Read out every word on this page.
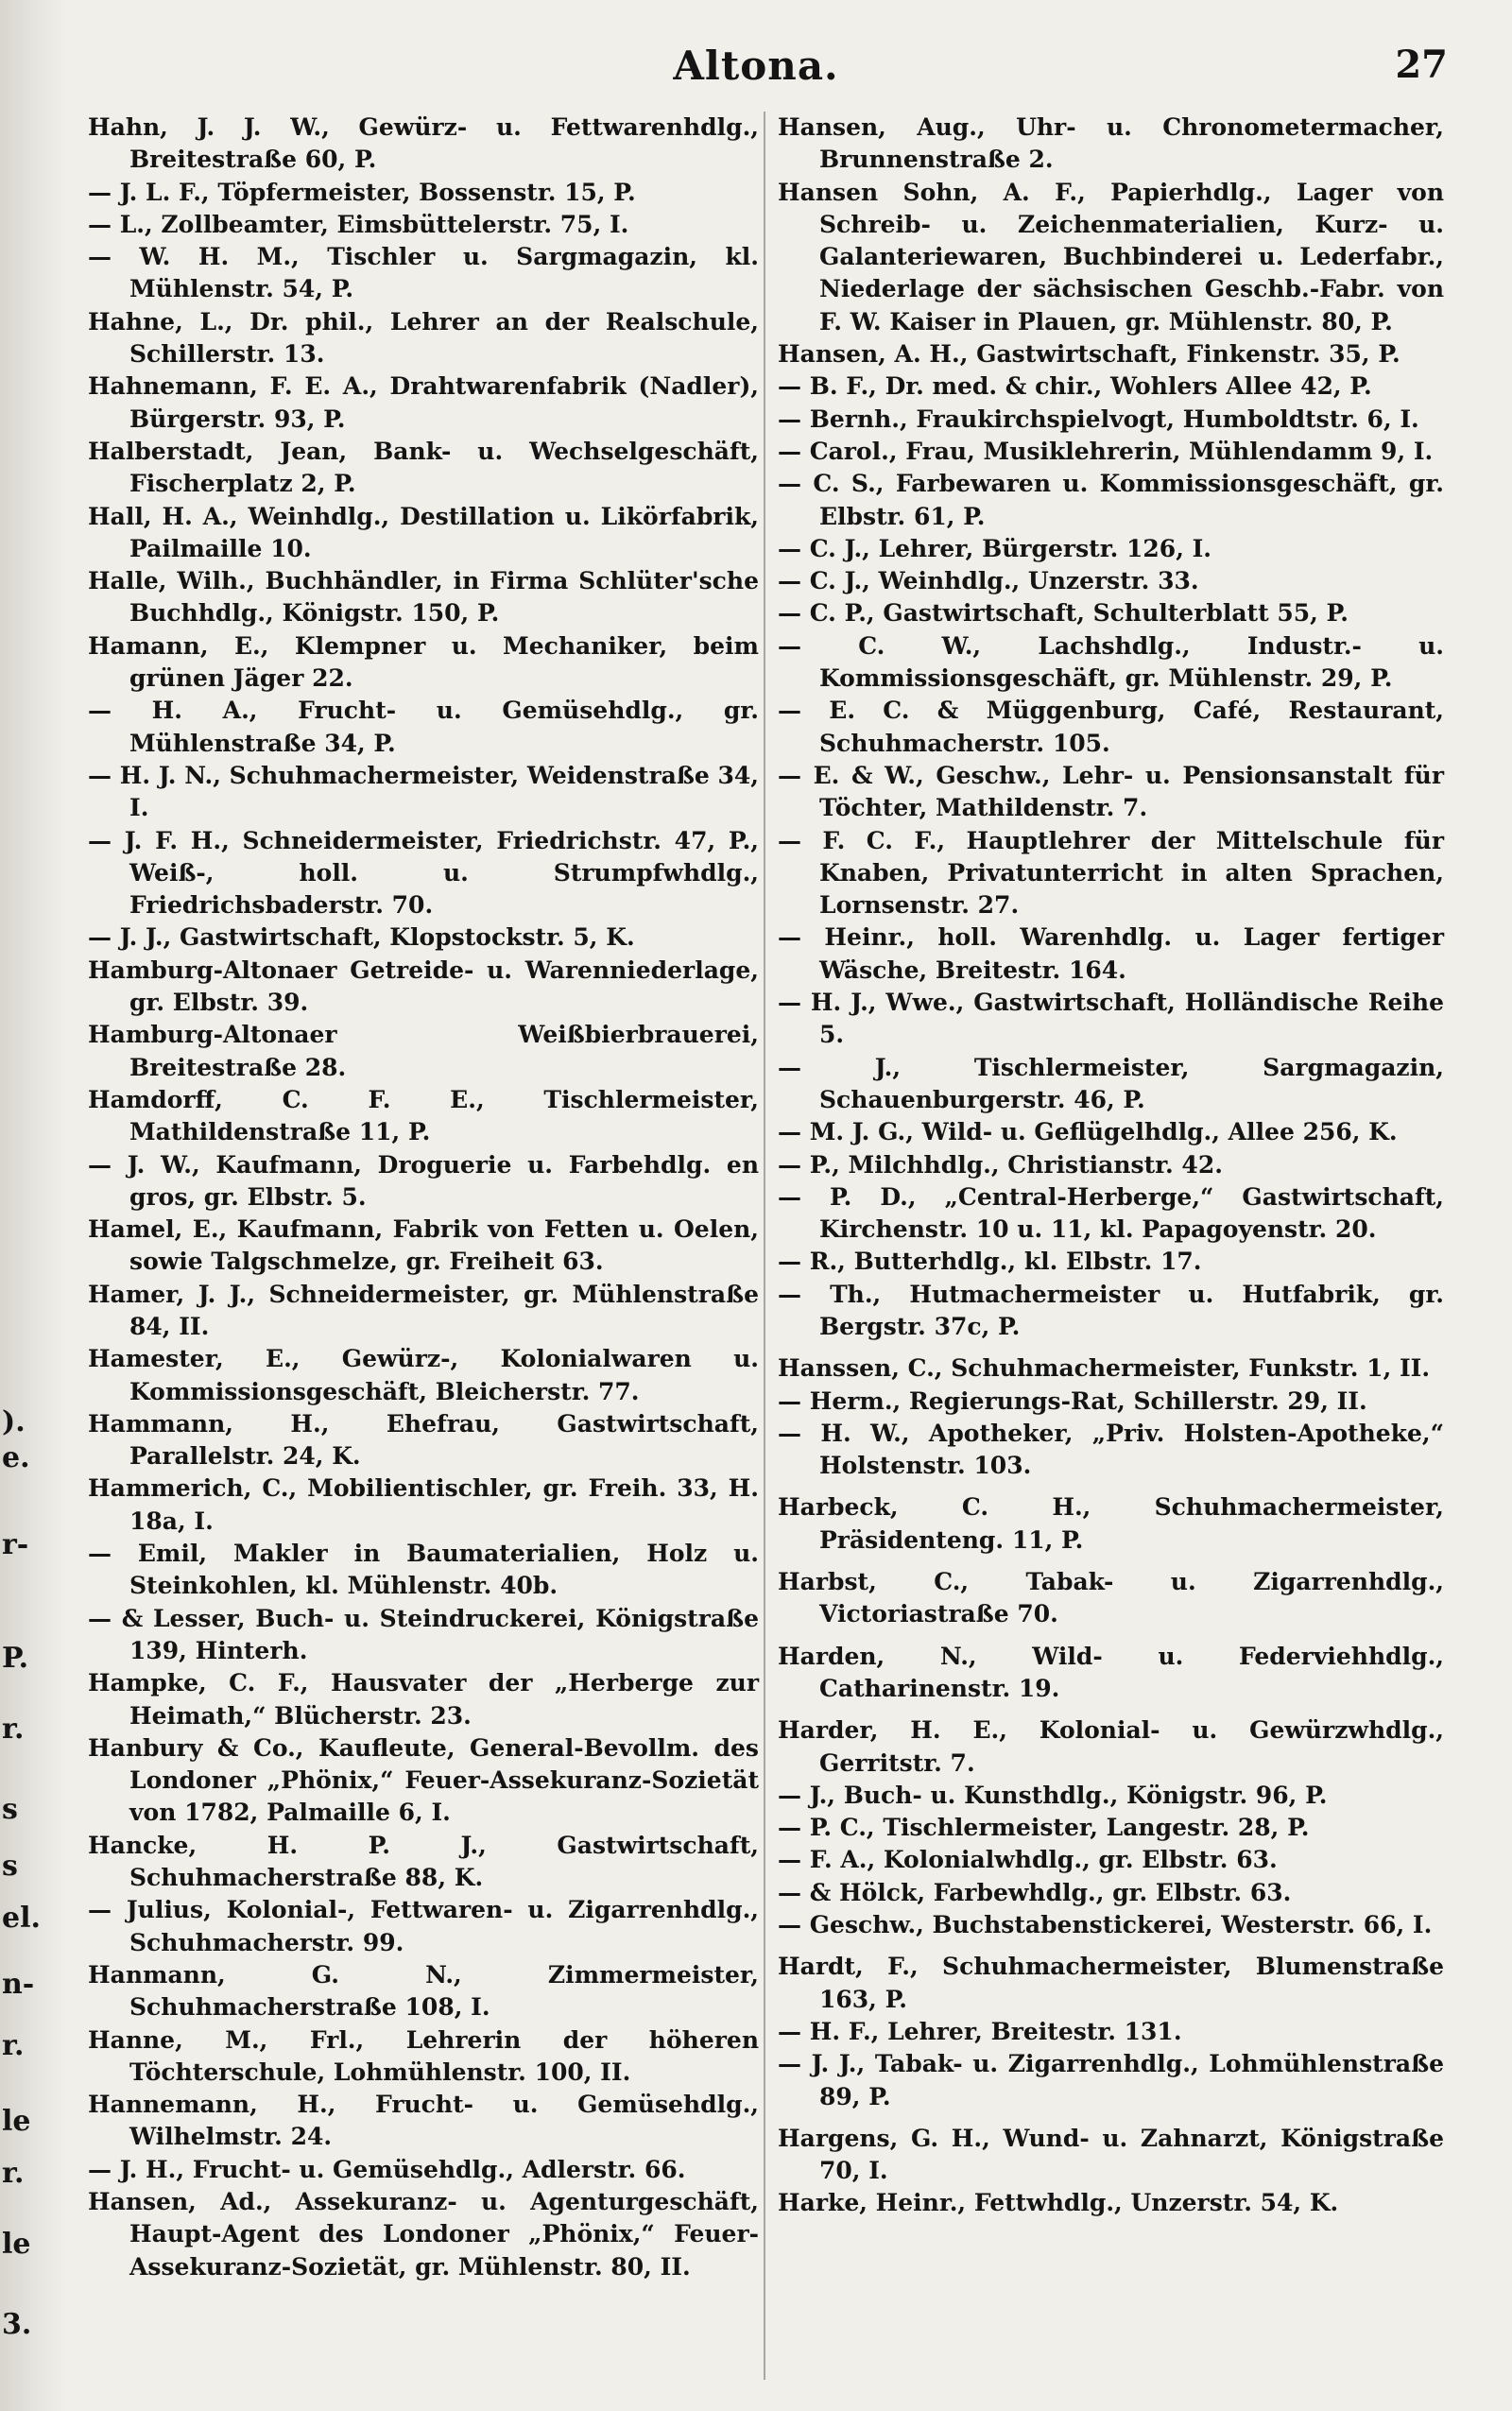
).
e.
r-
P.
r.
s
s
el.
n-
r.
le
r.
le
3.
Altona.	27

Hahn, J. J. W., Gewürz- u. Fettwarenhdlg., Breitestraße 60, P.

— J. L. F., Töpfermeister, Bossenstr. 15, P.

— L., Zollbeamter, Eimsbüttelerstr. 75, I.

— W. H. M., Tischler u. Sargmagazin, kl. Mühlenstr. 54, P.

Hahne, L., Dr. phil., Lehrer an der Realschule, Schillerstr. 13.

Hahnemann, F. E. A., Drahtwarenfabrik (Nadler), Bürgerstr. 93, P.

Halberstadt, Jean, Bank- u. Wechselgeschäft, Fischerplatz 2, P.

Hall, H. A., Weinhdlg., Destillation u. Likörfabrik, Pailmaille 10.

Halle, Wilh., Buchhändler, in Firma Schlüter'sche Buchhdlg., Königstr. 150, P.

Hamann, E., Klempner u. Mechaniker, beim grünen Jäger 22.

— H. A., Frucht- u. Gemüsehdlg., gr. Mühlenstraße 34, P.

— H. J. N., Schuhmachermeister, Weidenstraße 34, I.

— J. F. H., Schneidermeister, Friedrichstr. 47, P., Weiß-, holl. u. Strumpfwhdlg., Friedrichsbaderstr. 70.

— J. J., Gastwirtschaft, Klopstockstr. 5, K.

Hamburg-Altonaer Getreide- u. Warenniederlage, gr. Elbstr. 39.

Hamburg-Altonaer Weißbierbrauerei, Breitestraße 28.

Hamdorff, C. F. E., Tischlermeister, Mathildenstraße 11, P.

— J. W., Kaufmann, Droguerie u. Farbehdlg. en gros, gr. Elbstr. 5.

Hamel, E., Kaufmann, Fabrik von Fetten u. Oelen, sowie Talgschmelze, gr. Freiheit 63.

Hamer, J. J., Schneidermeister, gr. Mühlenstraße 84, II.

Hamester, E., Gewürz-, Kolonialwaren u. Kommissionsgeschäft, Bleicherstr. 77.

Hammann, H., Ehefrau, Gastwirtschaft, Parallelstr. 24, K.

Hammerich, C., Mobilientischler, gr. Freih. 33, H. 18a, I.

— Emil, Makler in Baumaterialien, Holz u. Steinkohlen, kl. Mühlenstr. 40b.

— & Lesser, Buch- u. Steindruckerei, Königstraße 139, Hinterh.

Hampke, C. F., Hausvater der „Herberge zur Heimath,“ Blücherstr. 23.

Hanbury & Co., Kaufleute, General-Bevollm. des Londoner „Phönix,“ Feuer-Assekuranz-Sozietät von 1782, Palmaille 6, I.

Hancke, H. P. J., Gastwirtschaft, Schuhmacherstraße 88, K.

— Julius, Kolonial-, Fettwaren- u. Zigarrenhdlg., Schuhmacherstr. 99.

Hanmann, G. N., Zimmermeister, Schuhmacherstraße 108, I.

Hanne, M., Frl., Lehrerin der höheren Töchterschule, Lohmühlenstr. 100, II.

Hannemann, H., Frucht- u. Gemüsehdlg., Wilhelmstr. 24.

— J. H., Frucht- u. Gemüsehdlg., Adlerstr. 66.

Hansen, Ad., Assekuranz- u. Agenturgeschäft, Haupt-Agent des Londoner „Phönix,“ Feuer-Assekuranz-Sozietät, gr. Mühlenstr. 80, II.

Hansen, Aug., Uhr- u. Chronometermacher, Brunnenstraße 2.

Hansen Sohn, A. F., Papierhdlg., Lager von Schreib- u. Zeichenmaterialien, Kurz- u. Galanteriewaren, Buchbinderei u. Lederfabr., Niederlage der sächsischen Geschb.-Fabr. von F. W. Kaiser in Plauen, gr. Mühlenstr. 80, P.

Hansen, A. H., Gastwirtschaft, Finkenstr. 35, P.

— B. F., Dr. med. & chir., Wohlers Allee 42, P.

— Bernh., Fraukirchspielvogt, Humboldtstr. 6, I.

— Carol., Frau, Musiklehrerin, Mühlendamm 9, I.

— C. S., Farbewaren u. Kommissionsgeschäft, gr. Elbstr. 61, P.

— C. J., Lehrer, Bürgerstr. 126, I.

— C. J., Weinhdlg., Unzerstr. 33.

— C. P., Gastwirtschaft, Schulterblatt 55, P.

— C. W., Lachshdlg., Industr.- u. Kommissionsgeschäft, gr. Mühlenstr. 29, P.

— E. C. & Müggenburg, Café, Restaurant, Schuhmacherstr. 105.

— E. & W., Geschw., Lehr- u. Pensionsanstalt für Töchter, Mathildenstr. 7.

— F. C. F., Hauptlehrer der Mittelschule für Knaben, Privatunterricht in alten Sprachen, Lornsenstr. 27.

— Heinr., holl. Warenhdlg. u. Lager fertiger Wäsche, Breitestr. 164.

— H. J., Wwe., Gastwirtschaft, Holländische Reihe 5.

— J., Tischlermeister, Sargmagazin, Schauenburgerstr. 46, P.

— M. J. G., Wild- u. Geflügelhdlg., Allee 256, K.

— P., Milchhdlg., Christianstr. 42.

— P. D., „Central-Herberge,“ Gastwirtschaft, Kirchenstr. 10 u. 11, kl. Papagoyenstr. 20.

— R., Butterhdlg., kl. Elbstr. 17.

— Th., Hutmachermeister u. Hutfabrik, gr. Bergstr. 37c, P.

Hanssen, C., Schuhmachermeister, Funkstr. 1, II.

— Herm., Regierungs-Rat, Schillerstr. 29, II.

— H. W., Apotheker, „Priv. Holsten-Apotheke,“ Holstenstr. 103.

Harbeck, C. H., Schuhmachermeister, Präsidenteng. 11, P.

Harbst, C., Tabak- u. Zigarrenhdlg., Victoriastraße 70.

Harden, N., Wild- u. Federviehhdlg., Catharinenstr. 19.

Harder, H. E., Kolonial- u. Gewürzwhdlg., Gerritstr. 7.

— J., Buch- u. Kunsthdlg., Königstr. 96, P.

— P. C., Tischlermeister, Langestr. 28, P.

— F. A., Kolonialwhdlg., gr. Elbstr. 63.

— & Hölck, Farbewhdlg., gr. Elbstr. 63.

— Geschw., Buchstabenstickerei, Westerstr. 66, I.

Hardt, F., Schuhmachermeister, Blumenstraße 163, P.

— H. F., Lehrer, Breitestr. 131.

— J. J., Tabak- u. Zigarrenhdlg., Lohmühlenstraße 89, P.

Hargens, G. H., Wund- u. Zahnarzt, Königstraße 70, I.

Harke, Heinr., Fettwhdlg., Unzerstr. 54, K.
